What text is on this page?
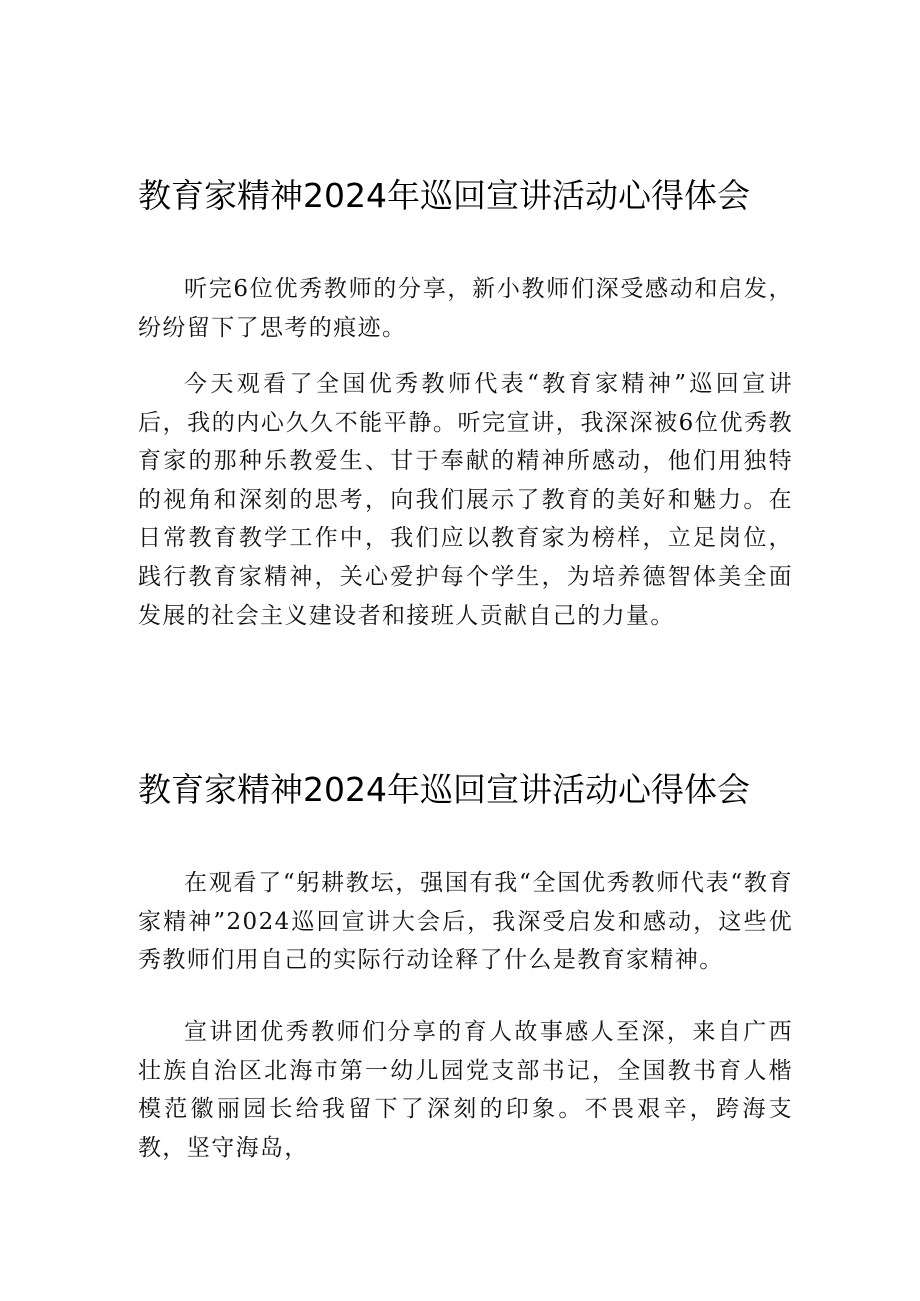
教育家精神2024年巡回宣讲活动心得体会

听完6位优秀教师的分享，新小教师们深受感动和启发，纷纷留下了思考的痕迹。

今天观看了全国优秀教师代表“教育家精神”巡回宣讲后，我的内心久久不能平静。听完宣讲，我深深被6位优秀教育家的那种乐教爱生、甘于奉献的精神所感动，他们用独特的视角和深刻的思考，向我们展示了教育的美好和魅力。在日常教育教学工作中，我们应以教育家为榜样，立足岗位，践行教育家精神，关心爱护每个学生，为培养德智体美全面发展的社会主义建设者和接班人贡献自己的力量。

教育家精神2024年巡回宣讲活动心得体会

在观看了“躬耕教坛，强国有我“全国优秀教师代表“教育家精神”2024巡回宣讲大会后，我深受启发和感动，这些优秀教师们用自己的实际行动诠释了什么是教育家精神。

宣讲团优秀教师们分享的育人故事感人至深，来自广西壮族自治区北海市第一幼儿园党支部书记，全国教书育人楷模范徽丽园长给我留下了深刻的印象。不畏艰辛，跨海支教，坚守海岛，
